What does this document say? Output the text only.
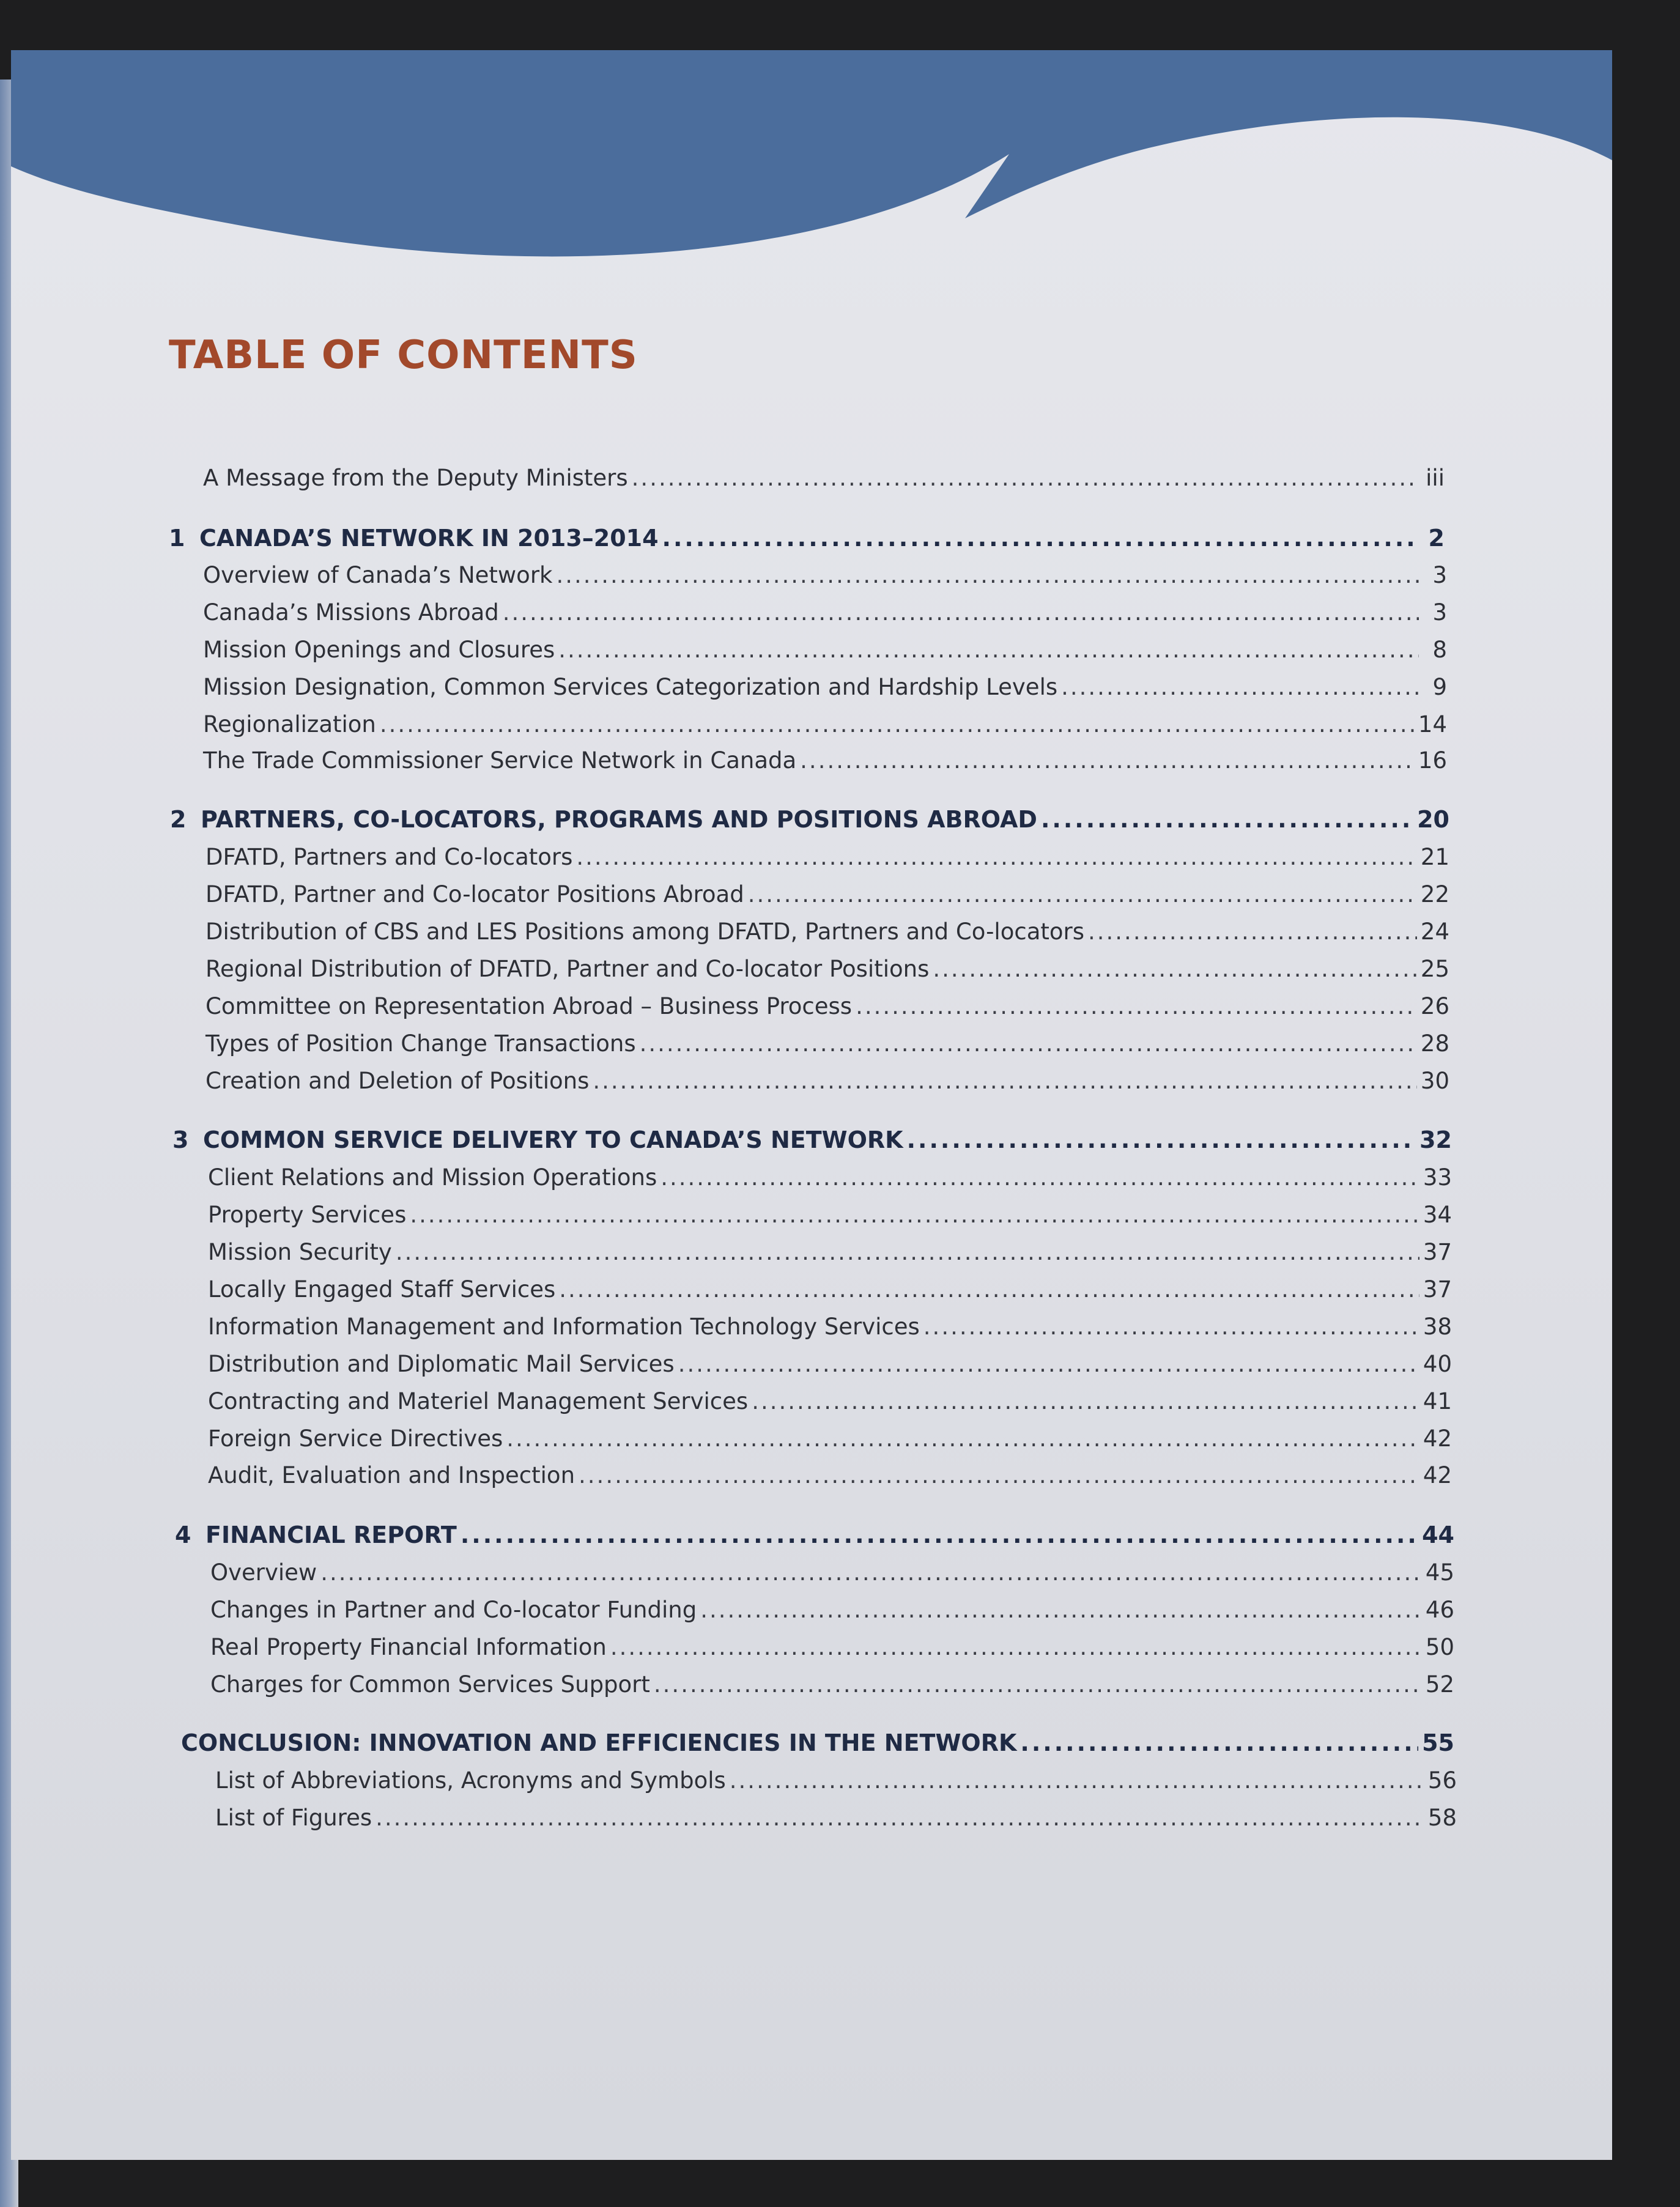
TABLE OF CONTENTS
A Message from the Deputy Ministers .....	iii
1 CANADA’S NETWORK IN 2013–2014 .....	2
Overview of Canada’s Network .....	3
Canada’s Missions Abroad .....	3
Mission Openings and Closures .....	8
Mission Designation, Common Services Categorization and Hardship Levels .....	9
Regionalization .....	14
The Trade Commissioner Service Network in Canada .....	16
2 PARTNERS, CO-LOCATORS, PROGRAMS AND POSITIONS ABROAD .....	20
DFATD, Partners and Co-locators .....	21
DFATD, Partner and Co-locator Positions Abroad .....	22
Distribution of CBS and LES Positions among DFATD, Partners and Co-locators .....	24
Regional Distribution of DFATD, Partner and Co-locator Positions .....	25
Committee on Representation Abroad – Business Process .....	26
Types of Position Change Transactions .....	28
Creation and Deletion of Positions .....	30
3 COMMON SERVICE DELIVERY TO CANADA’S NETWORK .....	32
Client Relations and Mission Operations .....	33
Property Services .....	34
Mission Security .....	37
Locally Engaged Staff Services .....	37
Information Management and Information Technology Services .....	38
Distribution and Diplomatic Mail Services .....	40
Contracting and Materiel Management Services .....	41
Foreign Service Directives .....	42
Audit, Evaluation and Inspection .....	42
4 FINANCIAL REPORT .....	44
Overview .....	45
Changes in Partner and Co-locator Funding .....	46
Real Property Financial Information .....	50
Charges for Common Services Support .....	52
CONCLUSION: INNOVATION AND EFFICIENCIES IN THE NETWORK .....	55
List of Abbreviations, Acronyms and Symbols .....	56
List of Figures .....	58
